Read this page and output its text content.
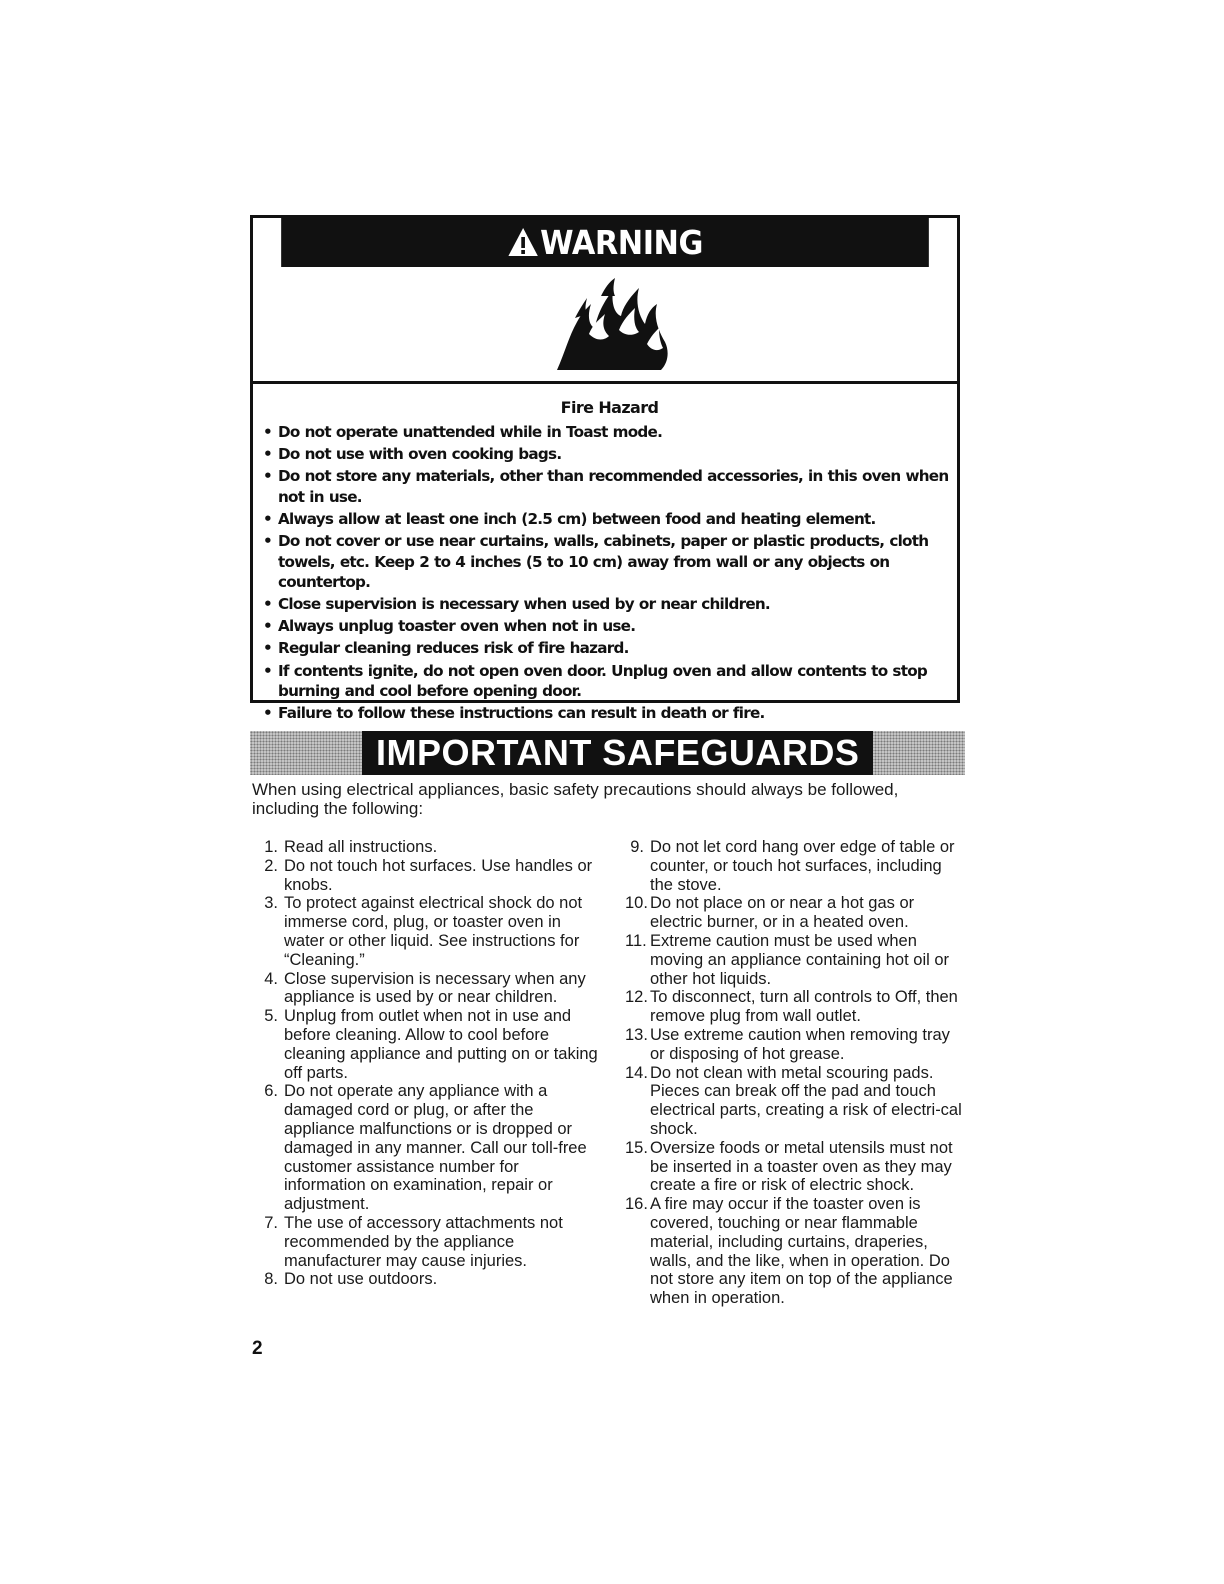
WARNING
Fire Hazard
• Do not operate unattended while in Toast mode.
• Do not use with oven cooking bags.
• Do not store any materials, other than recommended accessories, in this oven when not in use.
• Always allow at least one inch (2.5 cm) between food and heating element.
• Do not cover or use near curtains, walls, cabinets, paper or plastic products, cloth towels, etc. Keep 2 to 4 inches (5 to 10 cm) away from wall or any objects on countertop.
• Close supervision is necessary when used by or near children.
• Always unplug toaster oven when not in use.
• Regular cleaning reduces risk of fire hazard.
• If contents ignite, do not open oven door. Unplug oven and allow contents to stop burning and cool before opening door.
• Failure to follow these instructions can result in death or fire.
IMPORTANT SAFEGUARDS
When using electrical appliances, basic safety precautions should always be followed, including the following:
1. Read all instructions.
2. Do not touch hot surfaces. Use handles or knobs.
3. To protect against electrical shock do not immerse cord, plug, or toaster oven in water or other liquid. See instructions for “Cleaning.”
4. Close supervision is necessary when any appliance is used by or near children.
5. Unplug from outlet when not in use and before cleaning. Allow to cool before cleaning appliance and putting on or taking off parts.
6. Do not operate any appliance with a damaged cord or plug, or after the appliance malfunctions or is dropped or damaged in any manner. Call our toll-free customer assistance number for information on examination, repair or adjustment.
7. The use of accessory attachments not recommended by the appliance manufacturer may cause injuries.
8. Do not use outdoors.
9. Do not let cord hang over edge of table or counter, or touch hot surfaces, including the stove.
10. Do not place on or near a hot gas or electric burner, or in a heated oven.
11. Extreme caution must be used when moving an appliance containing hot oil or other hot liquids.
12. To disconnect, turn all controls to Off, then remove plug from wall outlet.
13. Use extreme caution when removing tray or disposing of hot grease.
14. Do not clean with metal scouring pads. Pieces can break off the pad and touch electrical parts, creating a risk of electri-cal shock.
15. Oversize foods or metal utensils must not be inserted in a toaster oven as they may create a fire or risk of electric shock.
16. A fire may occur if the toaster oven is covered, touching or near flammable material, including curtains, draperies, walls, and the like, when in operation. Do not store any item on top of the appliance when in operation.
2
